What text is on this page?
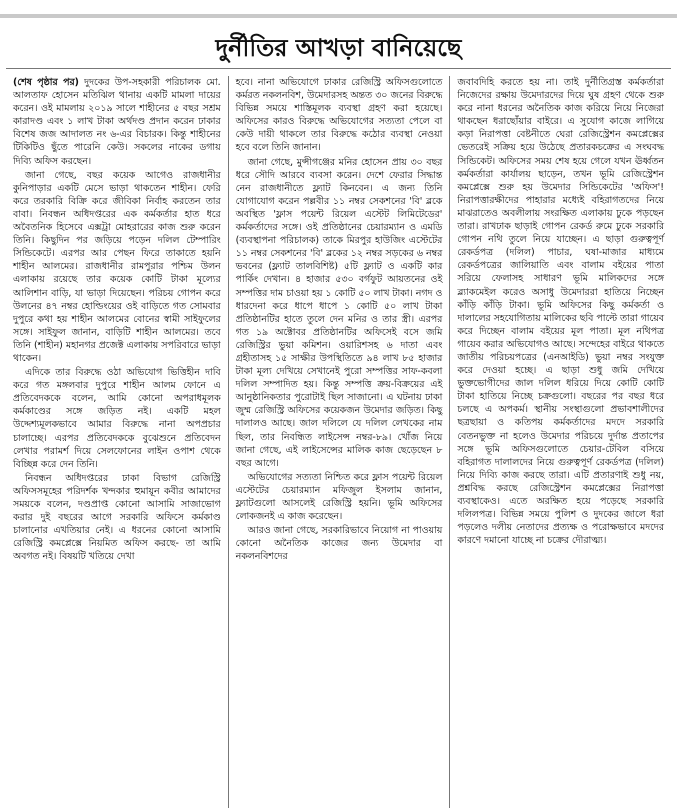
দুর্নীতির আখড়া বানিয়েছে

(শেষ পৃষ্ঠার পর) দুদকের উপ-সহকারী পরিচালক মো. আলতাফ হোসেন মতিঝিল থানায় একটি মামলা দায়ের করেন। ওই মামলায় ২০১৯ সালে শাহীনের ৫ বছর সশ্রম কারাদণ্ড এবং ১ লাখ টাকা অর্থদণ্ড প্রদান করেন ঢাকার বিশেষ জজ আদালত নং ৬-এর বিচারক। কিন্তু শাহীনের টিকিটিও ছুঁতে পারেনি কেউ। সকলের নাকের ডগায় দিব্যি অফিস করছেন।

জানা গেছে, বছর কয়েক আগেও রাজধানীর কুনিপাড়ার একটি মেসে ভাড়া থাকতেন শাহীন। ফেরি করে তরকারি বিক্রি করে জীবিকা নির্বাহ করতেন তার বাবা। নিবন্ধন অধিদপ্তরের এক কর্মকর্তার হাত ধরে অবৈতনিক হিসেবে এক্সট্রা মোহরারের কাজ শুরু করেন তিনি। কিছুদিন পর জড়িয়ে পড়েন দলিল টেম্পারিং সিন্ডিকেটে। এরপর আর পেছন ফিরে তাকাতে হয়নি শাহীন আলমের। রাজধানীর রামপুরার পশ্চিম উলন এলাকায় রয়েছে তার কয়েক কোটি টাকা মূল্যের আলিশান বাড়ি, যা ভাড়া দিয়েছেন। পরিচয় গোপন করে উলনের ৪৭ নম্বর হোল্ডিংয়ের ওই বাড়িতে গত সোমবার দুপুরে কথা হয় শাহীন আলমের বোনের স্বামী সাইফুলের সঙ্গে। সাইফুল জানান, বাড়িটি শাহীন আলমের। তবে তিনি (শাহীন) মহানগর প্রজেক্ট এলাকায় সপরিবারে ভাড়া থাকেন।

এদিকে তার বিরুদ্ধে ওঠা অভিযোগ ভিত্তিহীন দাবি করে গত মঙ্গলবার দুপুরে শাহীন আলম ফোনে এ প্রতিবেদককে বলেন, আমি কোনো অপরাধমূলক কর্মকাণ্ডের সঙ্গে জড়িত নই। একটি মহল উদ্দেশ্যমূলকভাবে আমার বিরুদ্ধে নানা অপপ্রচার চালাচ্ছে। এরপর প্রতিবেদককে বুঝেশুনে প্রতিবেদন লেখার পরামর্শ দিয়ে সেলফোনের লাইন ওপাশ থেকে বিচ্ছিন্ন করে দেন তিনি।

নিবন্ধন অধিদপ্তরের ঢাকা বিভাগ রেজিস্ট্রি অফিসসমূহের পরিদর্শক খন্দকার হুমায়ূন কবীর আমাদের সময়কে বলেন, দণ্ডপ্রাপ্ত কোনো আসামি সাজাভোগ করার দুই বছরের আগে সরকারি অফিসে কর্মকাণ্ড চালানোর এখতিয়ার নেই। এ ধরনের কোনো আসামি রেজিস্ট্রি কমপ্লেক্সে নিয়মিত অফিস করছে- তা আমি অবগত নই। বিষয়টি খতিয়ে দেখা

হবে। নানা অভিযোগে ঢাকার রেজিস্ট্রি অফিসগুলোতে কর্মরত নকলনবিশ, উমেদারসহ অন্তত ৩০ জনের বিরুদ্ধে বিভিন্ন সময়ে শাস্তিমূলক ব্যবস্থা গ্রহণ করা হয়েছে। অফিসের কারও বিরুদ্ধে অভিযোগের সত্যতা পেলে বা কেউ দায়ী থাকলে তার বিরুদ্ধে কঠোর ব্যবস্থা নেওয়া হবে বলে তিনি জানান।

জানা গেছে, মুন্সীগঞ্জের মনির হোসেন প্রায় ৩০ বছর ধরে সৌদি আরবে ব্যবসা করেন। দেশে ফেরার সিদ্ধান্ত নেন রাজধানীতে ফ্ল্যাট কিনবেন। এ জন্য তিনি যোগাযোগ করেন পল্লবীর ১১ নম্বর সেকশনের 'বি' ব্লকে অবস্থিত 'ফ্লাস পয়েন্ট রিয়েল এস্টেট লিমিটেডের' কর্মকর্তাদের সঙ্গে। ওই প্রতিষ্ঠানের চেয়ারম্যান ও এমডি (ব্যবস্থাপনা পরিচালক) তাকে মিরপুর হাউজিং এস্টেটের ১১ নম্বর সেকশনের 'বি' ব্লকের ১২ নম্বর সড়কের ৬ নম্বর ভবনের (ফ্ল্যাট তালবিশিষ্ট) ৫টি ফ্ল্যাট ও একটি কার পার্কিং দেখান। ৪ হাজার ৫৩০ বর্গফুট আয়তনের ওই সম্পত্তির দাম চাওয়া হয় ১ কোটি ৫০ লাখ টাকা। নগদ ও ধারদেনা করে ধাপে ধাপে ১ কোটি ৫০ লাখ টাকা প্রতিষ্ঠানটির হাতে তুলে দেন মনির ও তার স্ত্রী। এরপর গত ১৯ অক্টোবর প্রতিষ্ঠানটির অফিসেই বসে জমি রেজিস্ট্রির ভুয়া কমিশন। ওয়ারিশসহ ৬ দাতা এবং গ্রহীতাসহ ১৫ সাক্ষীর উপস্থিতিতে ৯৪ লাখ ৮৫ হাজার টাকা মূল্য দেখিয়ে সেখানেই পুরো সম্পত্তির সাফ-কবলা দলিল সম্পাদিত হয়। কিন্তু সম্পত্তি ক্রয়-বিক্রয়ের এই আনুষ্ঠানিকতার পুরোটাই ছিল সাজানো। এ ঘটনায় ঢাকা জুম্ম রেজিস্ট্রি অফিসের কয়েকজন উমেদার জড়িত। কিছু দালালও আছে। জাল দলিলে যে দলিল লেখকের নাম ছিল, তার নিবন্ধিত লাইসেন্স নম্বর-৮৯। খোঁজ নিয়ে জানা গেছে, এই লাইসেন্সের মালিক কাজ ছেড়েছেন ৮ বছর আগে।

অভিযোগের সত্যতা নিশ্চিত করে ফ্লাস পয়েন্ট রিয়েল এস্টেটের চেয়ারম্যান মফিজুল ইসলাম জানান, ফ্ল্যাটগুলো আসলেই রেজিস্ট্রি হয়নি। ভূমি অফিসের লোকজনই এ কাজ করেছেন।

আরও জানা গেছে, সরকারিভাবে নিয়োগ না পাওয়ায় কোনো অনৈতিক কাজের জন্য উমেদার বা নকলনবিশদের

জবাবদিহি করতে হয় না। তাই দুর্নীতিগ্রস্ত কর্মকর্তারা নিজেদের রক্ষায় উমেদারদের দিয়ে ঘুষ গ্রহণ থেকে শুরু করে নানা ধরনের অনৈতিক কাজ করিয়ে নিয়ে নিজেরা থাকছেন ধরাছোঁয়ার বাইরে। এ সুযোগ কাজে লাগিয়ে কড়া নিরাপত্তা বেষ্টনীতে ঘেরা রেজিস্ট্রেশন কমপ্লেক্সের ভেতরেই সক্রিয় হয়ে উঠেছে প্রতারকচক্রের এ সংঘবদ্ধ সিন্ডিকেট। অফিসের সময় শেষ হয়ে গেলে যখন ঊর্ধ্বতন কর্মকর্তারা কার্যালয় ছাড়েন, তখন ভূমি রেজিস্ট্রেশন কমপ্লেক্সে শুরু হয় উমেদার সিন্ডিকেটের 'অফিস'! নিরাপত্তারক্ষীদের পাহারার মধ্যেই বহিরাগতদের নিয়ে মাঝরাতেও অবলীলায় সংরক্ষিত এলাকায় ঢুকে পড়ছেন তারা। রাখঢাক ছাড়াই গোপন রেকর্ড রুমে ঢুকে সরকারি গোপন নথি তুলে নিয়ে যাচ্ছেন। এ ছাড়া গুরুত্বপূর্ণ রেকর্ডপত্র (দলিল) পাচার, ঘষা-মাজার মাধ্যমে রেকর্ডপত্রের জালিয়াতি এবং বালাম বইয়ের পাতা সরিয়ে ফেলাসহ সাধারণ ভূমি মালিকদের সঙ্গে ব্ল্যাকমেইল করেও অসাধু উমেদাররা হাতিয়ে নিচ্ছেন কাঁড়ি কাঁড়ি টাকা। ভূমি অফিসের কিছু কর্মকর্তা ও দালালের সহযোগিতায় মালিকের ছবি পাল্টে তারা গায়েব করে দিচ্ছেন বালাম বইয়ের মূল পাতা। মূল নথিপত্র গায়েব করার অভিযোগও আছে। সন্দেহের বাইরে থাকতে জাতীয় পরিচয়পত্রের (এনআইডি) ভুয়া নম্বর সংযুক্ত করে দেওয়া হচ্ছে। এ ছাড়া শুধু জমি দেখিয়ে ভুক্তভোগীদের জাল দলিল ধরিয়ে দিয়ে কোটি কোটি টাকা হাতিয়ে নিচ্ছে চক্রগুলো। বছরের পর বছর ধরে চলছে এ অপকর্ম। স্থানীয় সংস্থাগুলো প্রভাবশালীদের ছত্রছায়া ও কতিপয় কর্মকর্তাদের মদদে সরকারি বেতনভুক্ত না হলেও উমেদার পরিচয়ে দুর্দান্ত প্রতাপের সঙ্গে ভূমি অফিসগুলোতে চেয়ার-টেবিল বসিয়ে বহিরাগত দালালদের নিয়ে গুরুত্বপূর্ণ রেকর্ডপত্র (দলিল) নিয়ে দিব্যি কাজ করছে তারা। এটি প্রতারণাই শুধু নয়, প্রশ্নবিদ্ধ করছে রেজিস্ট্রেশন কমপ্লেক্সের নিরাপত্তা ব্যবস্থাকেও। এতে অরক্ষিত হয়ে পড়েছে সরকারি দলিলপত্র। বিভিন্ন সময়ে পুলিশ ও দুদকের জালে ধরা পড়লেও দলীয় নেতাদের প্রত্যক্ষ ও পরোক্ষভাবে মদদের কারণে দমানো যাচ্ছে না চক্রের দৌরাত্ম্য।
